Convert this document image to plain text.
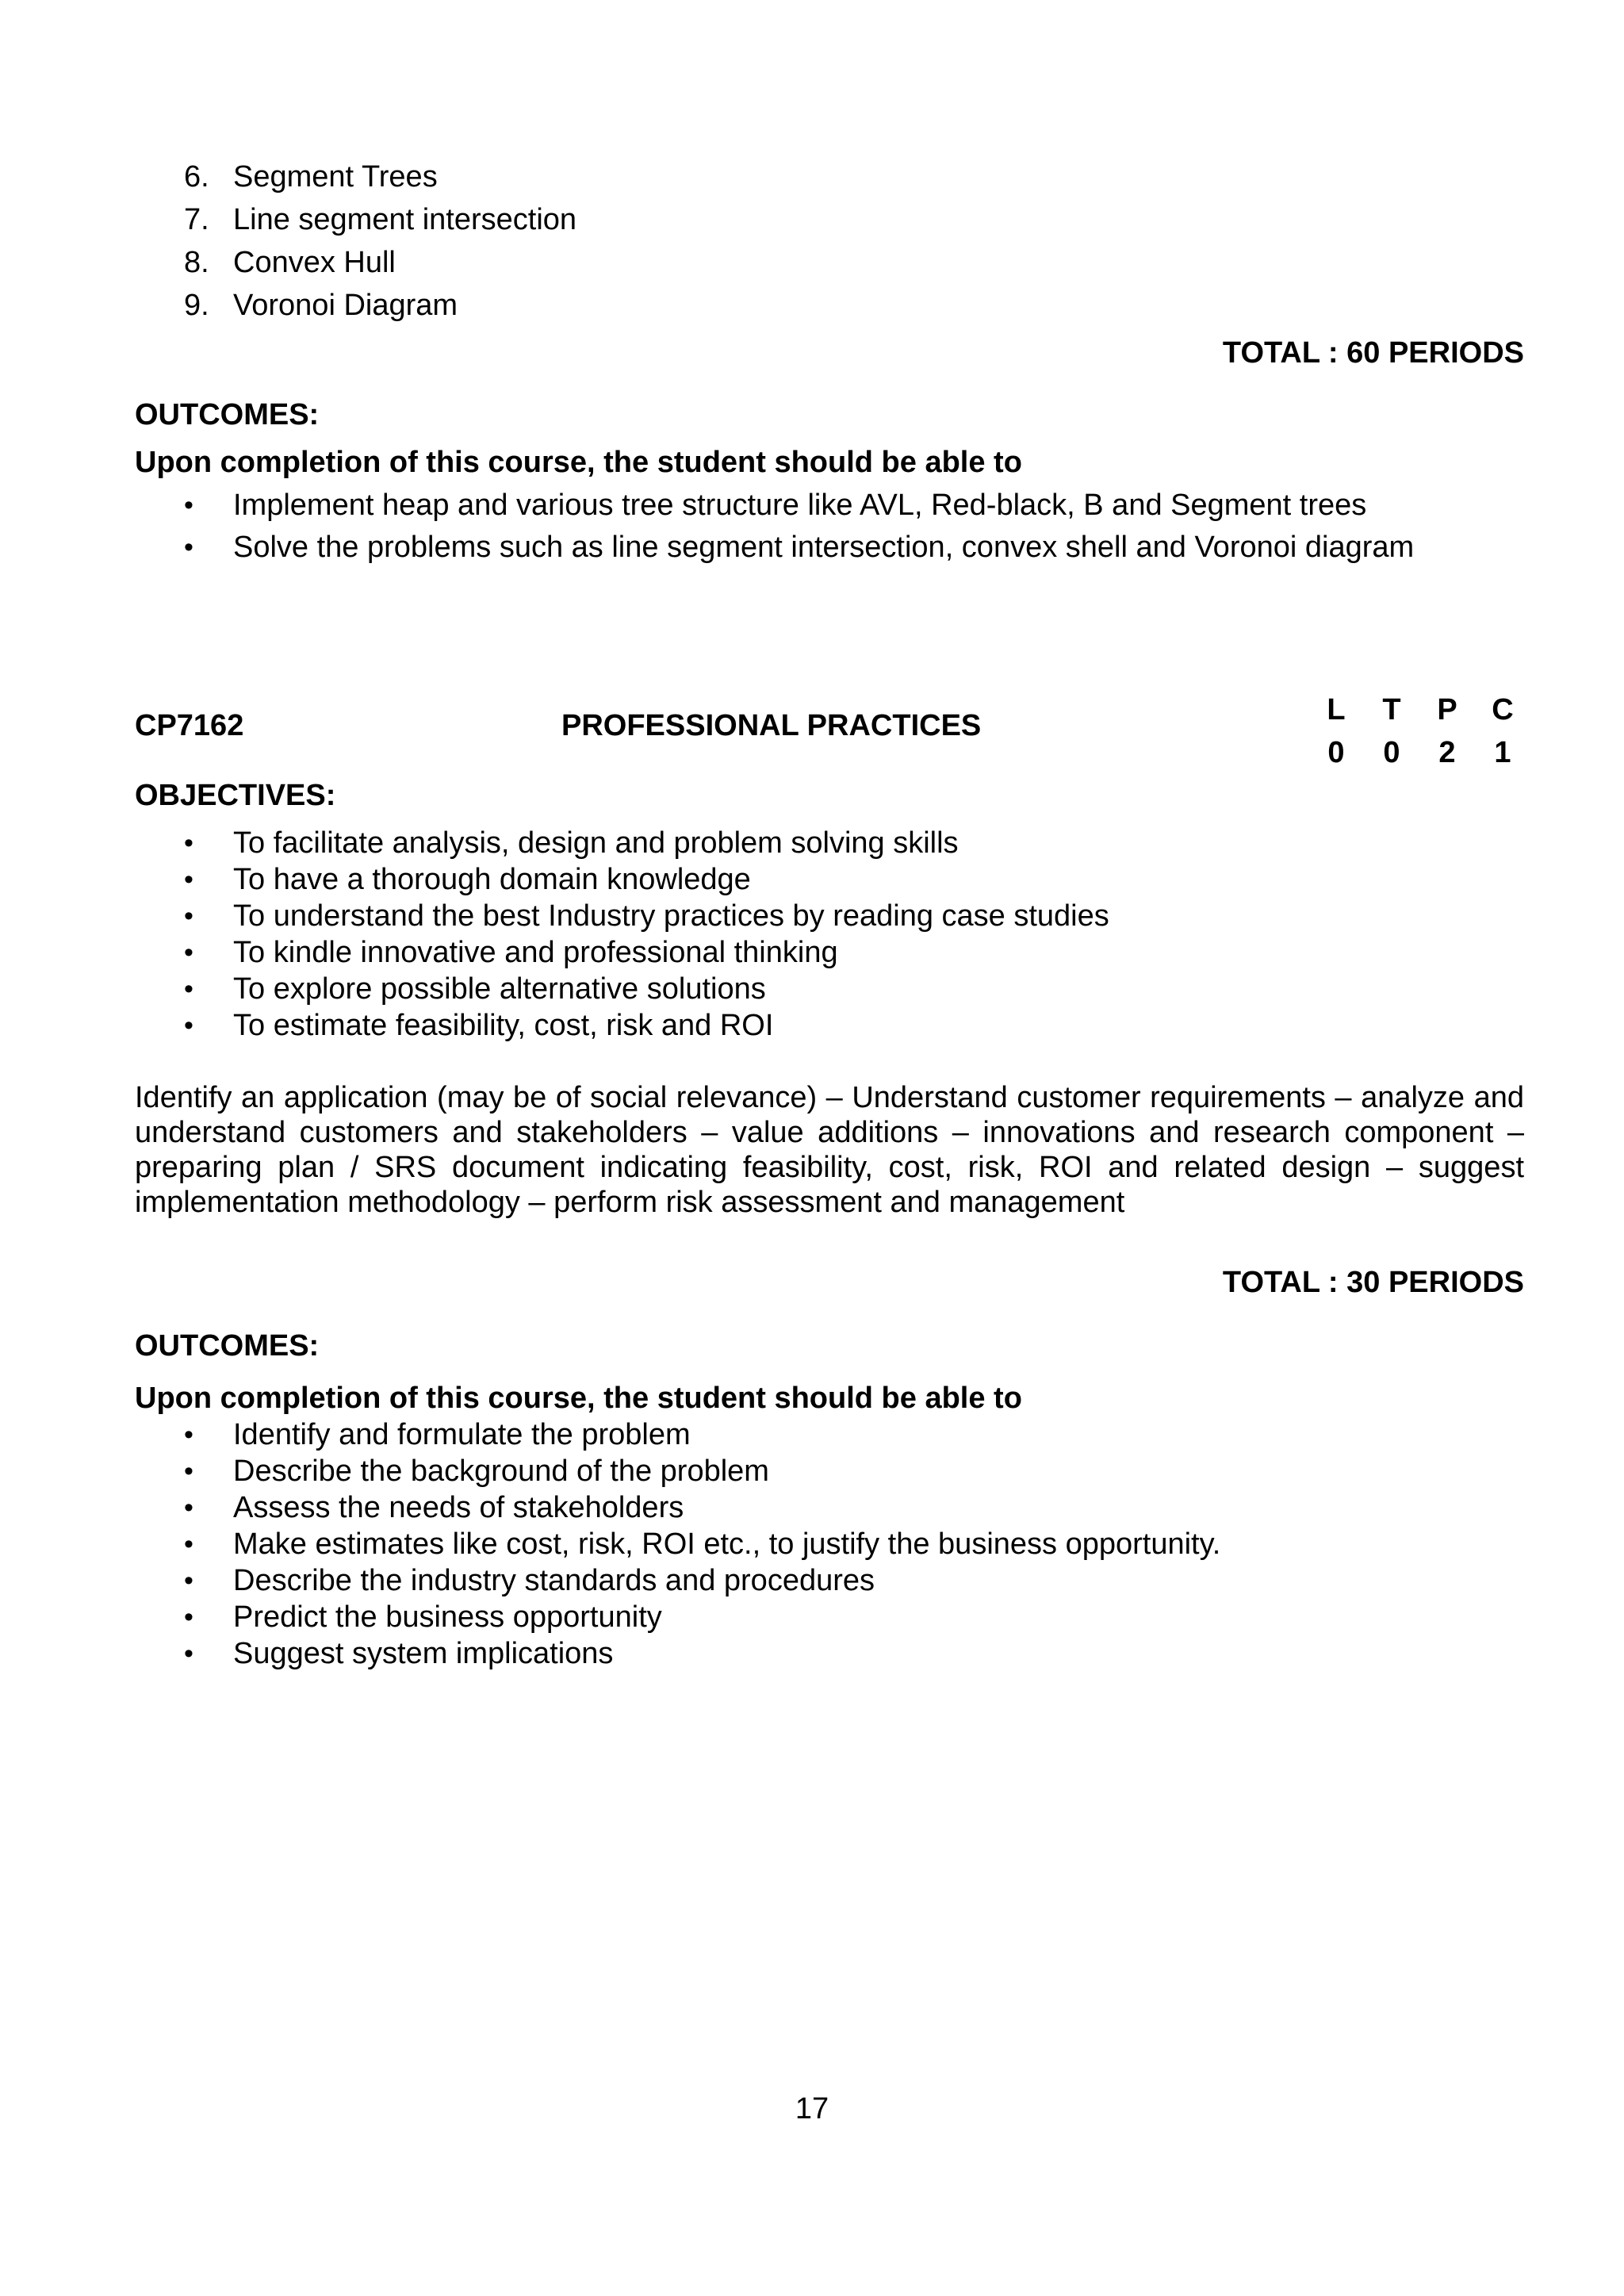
6. Segment Trees
7. Line segment intersection
8. Convex Hull
9. Voronoi Diagram
TOTAL : 60 PERIODS
OUTCOMES:
Upon completion of this course, the student should be able to
•	Implement heap and various tree structure like AVL, Red-black, B and Segment trees
•	Solve the problems such as line segment intersection, convex shell and Voronoi diagram
CP7162	PROFESSIONAL PRACTICES	L	T	P	C
0	0	2	1
OBJECTIVES:
•	To facilitate analysis, design and problem solving skills
•	To have a thorough domain knowledge
•	To understand the best Industry practices by reading case studies
•	To kindle innovative and professional thinking
•	To explore possible alternative solutions
•	To estimate feasibility, cost, risk and ROI
Identify an application (may be of social relevance) – Understand customer requirements – analyze and
understand customers and stakeholders – value additions – innovations and research component –
preparing plan / SRS document indicating feasibility, cost, risk, ROI and related design – suggest
implementation methodology – perform risk assessment and management
TOTAL : 30 PERIODS
OUTCOMES:
Upon completion of this course, the student should be able to
•	Identify and formulate the problem
•	Describe the background of the problem
•	Assess the needs of stakeholders
•	Make estimates like cost, risk, ROI etc., to justify the business opportunity.
•	Describe the industry standards and procedures
•	Predict the business opportunity
•	Suggest system implications
17
